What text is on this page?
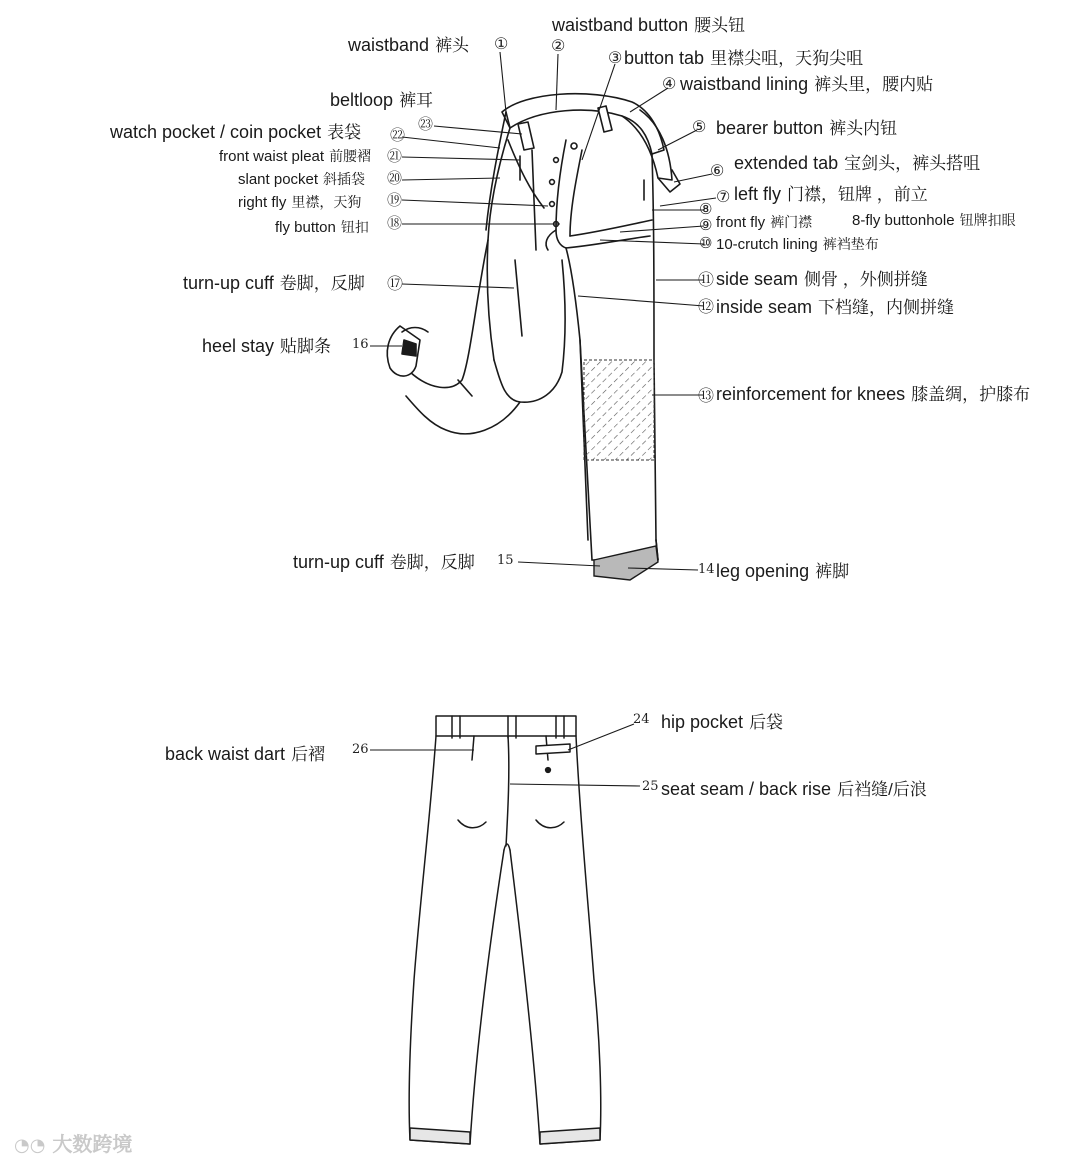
waistband 裤头 ①
waistband button 腰头钮
②
button tab 里襟尖咀，天狗尖咀
③
waistband lining 裤头里，腰内贴
④
bearer button 裤头内钮
⑤
extended tab 宝剑头，裤头搭咀
⑥
left fly 门襟，钮牌 ，前立
⑦
⑧
8-fly buttonhole 钮牌扣眼
⑨ front fly 裤门襟
⑩ 10-crutch lining 裤裆垫布
⑪ side seam 侧骨 ，外侧拼缝
⑫ inside seam 下档缝，内侧拼缝
⑬ reinforcement for knees 膝盖绸，护膝布
14 leg opening 裤脚
turn-up cuff 卷脚，反脚 15
heel stay 贴脚条 16
turn-up cuff 卷脚，反脚 ⑰
fly button 钮扣 ⑱
right fly 里襟，天狗 ⑲
slant pocket 斜插袋 ⑳
front waist pleat 前腰褶 ㉑
watch pocket / coin pocket 表袋 ㉒
beltloop 裤耳
㉓
24 hip pocket 后袋
25 seat seam / back rise 后裆缝/后浪
back waist dart 后褶 26
◔◔ 大数跨境
